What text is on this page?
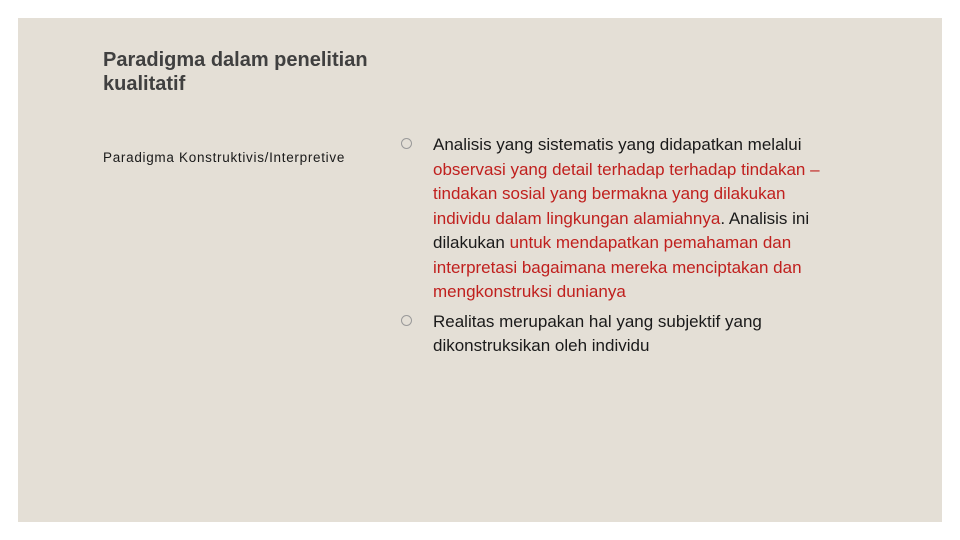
Paradigma dalam penelitian kualitatif

Paradigma Konstruktivis/Interpretive

Analisis yang sistematis yang didapatkan melalui observasi yang detail terhadap terhadap tindakan – tindakan sosial yang bermakna yang dilakukan individu dalam lingkungan alamiahnya. Analisis ini dilakukan untuk mendapatkan pemahaman dan interpretasi bagaimana mereka menciptakan dan mengkonstruksi dunianya
Realitas merupakan hal yang subjektif yang dikonstruksikan oleh individu
